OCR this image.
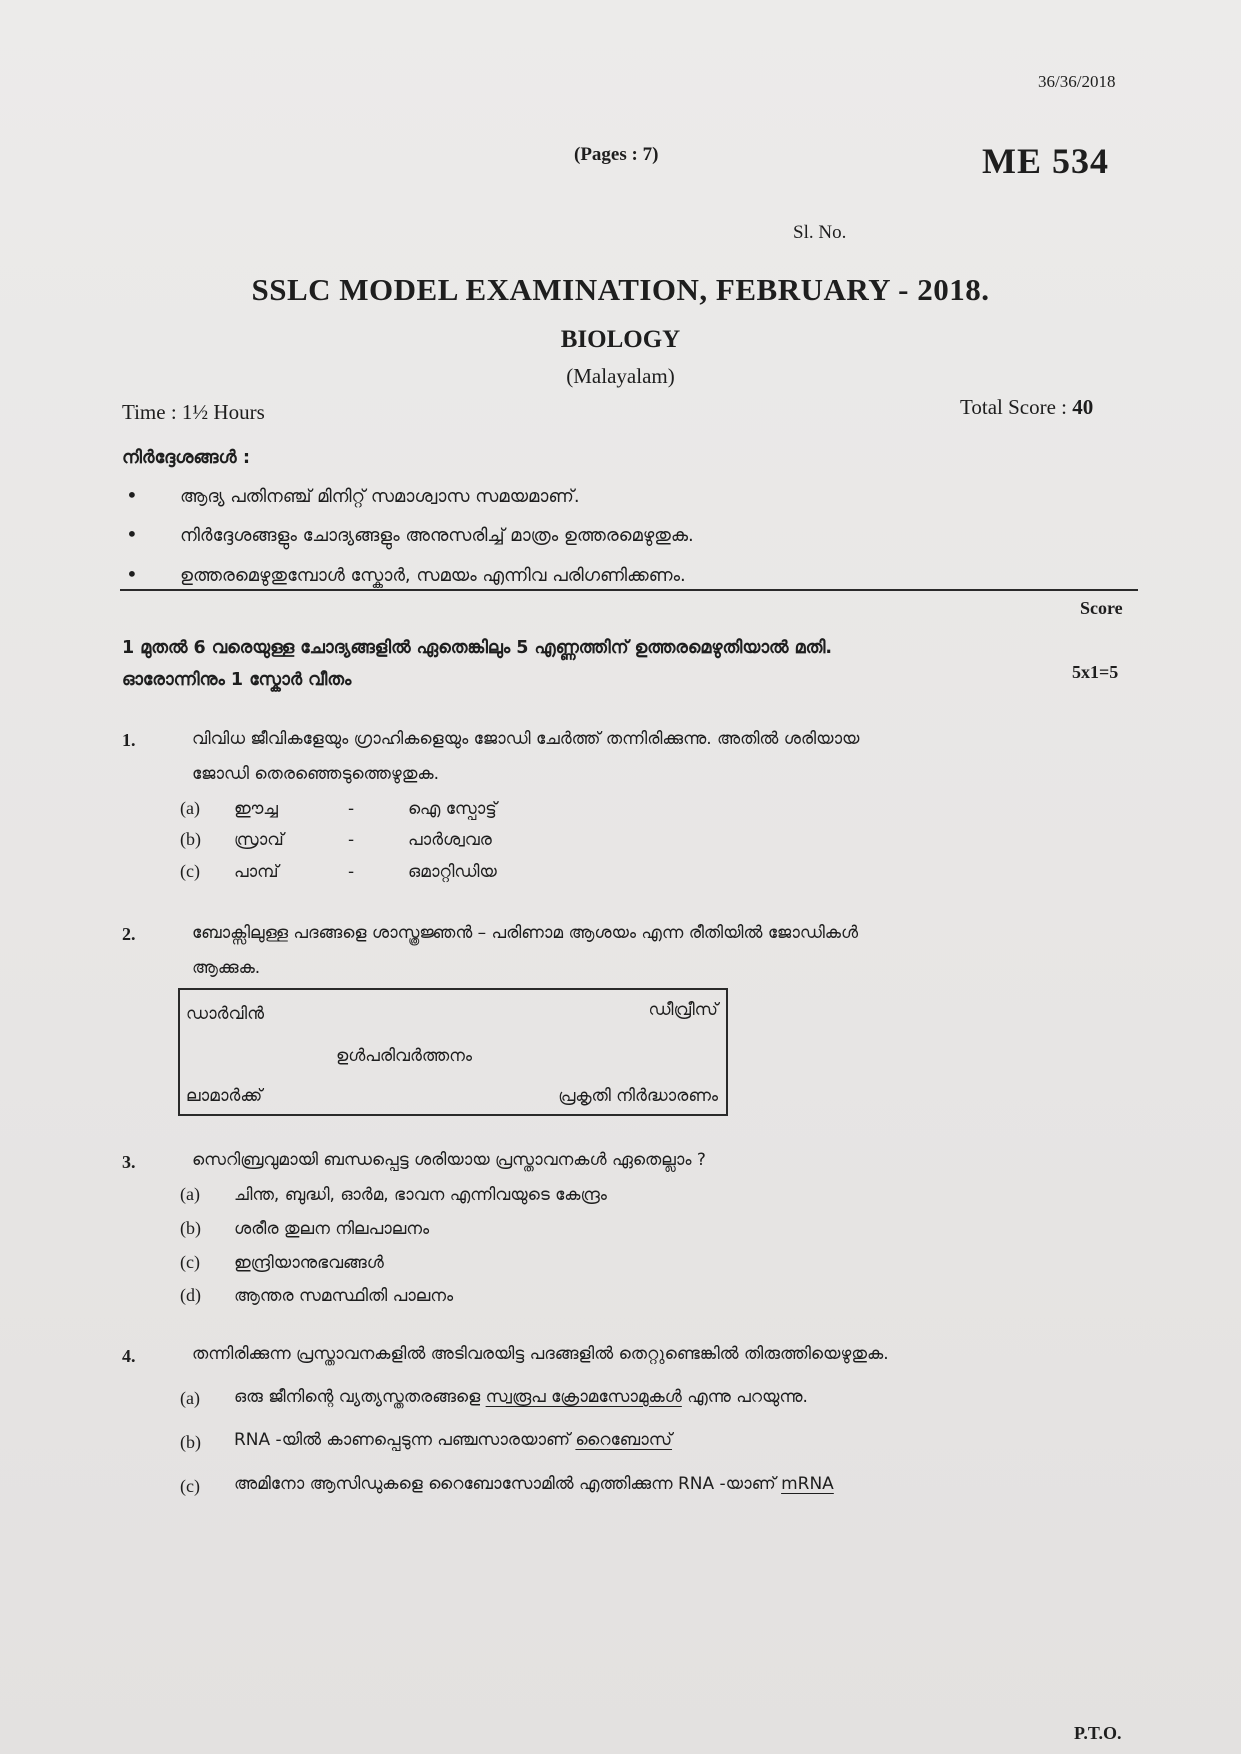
36/36/2018
(Pages : 7)	ME 534
Sl. No.
SSLC MODEL EXAMINATION, FEBRUARY - 2018.
BIOLOGY
(Malayalam)
Time : 1½ Hours	Total Score : 40
നിർദ്ദേശങ്ങൾ :
• ആദ്യ പതിനഞ്ച് മിനിറ്റ് സമാശ്വാസ സമയമാണ്.
• നിർദ്ദേശങ്ങളും ചോദ്യങ്ങളും അനുസരിച്ച് മാത്രം ഉത്തരമെഴുതുക.
• ഉത്തരമെഴുതുമ്പോൾ സ്കോർ, സമയം എന്നിവ പരിഗണിക്കണം.
Score
1 മുതൽ 6 വരെയുള്ള ചോദ്യങ്ങളിൽ ഏതെങ്കിലും 5 എണ്ണത്തിന് ഉത്തരമെഴുതിയാൽ മതി.
ഓരോന്നിനും 1 സ്കോർ വീതം	5x1=5
1.	വിവിധ ജീവികളേയും ഗ്രാഹികളെയും ജോഡി ചേർത്ത് തന്നിരിക്കുന്നു. അതിൽ ശരിയായ
ജോഡി തെരഞ്ഞെടുത്തെഴുതുക.
(a) ഈച്ച	-	ഐ സ്പോട്ട്
(b) സ്രാവ്	-	പാർശ്വവര
(c) പാമ്പ്	-	ഒമാറ്റിഡിയ
2.	ബോക്സിലുള്ള പദങ്ങളെ ശാസ്ത്രജ്ഞൻ – പരിണാമ ആശയം എന്ന രീതിയിൽ ജോഡികൾ
ആക്കുക.
ഡാർവിൻ	ഡീവ്രീസ്
ഉൾപരിവർത്തനം
ലാമാർക്ക്	പ്രകൃതി നിർദ്ധാരണം
3.	സെറിബ്രവുമായി ബന്ധപ്പെട്ട ശരിയായ പ്രസ്താവനകൾ ഏതെല്ലാം ?
(a) ചിന്ത, ബുദ്ധി, ഓർമ, ഭാവന എന്നിവയുടെ കേന്ദ്രം
(b) ശരീര തുലന നിലപാലനം
(c) ഇന്ദ്രിയാനുഭവങ്ങൾ
(d) ആന്തര സമസ്ഥിതി പാലനം
4.	തന്നിരിക്കുന്ന പ്രസ്താവനകളിൽ അടിവരയിട്ട പദങ്ങളിൽ തെറ്റുണ്ടെങ്കിൽ തിരുത്തിയെഴുതുക.
(a) ഒരു ജീനിന്റെ വ്യത്യസ്തതരങ്ങളെ സ്വരൂപ ക്രോമസോമുകൾ എന്നു പറയുന്നു.
(b) RNA -യിൽ കാണപ്പെടുന്ന പഞ്ചസാരയാണ് റൈബോസ്
(c) അമിനോ ആസിഡുകളെ റൈബോസോമിൽ എത്തിക്കുന്ന RNA -യാണ് mRNA
P.T.O.
